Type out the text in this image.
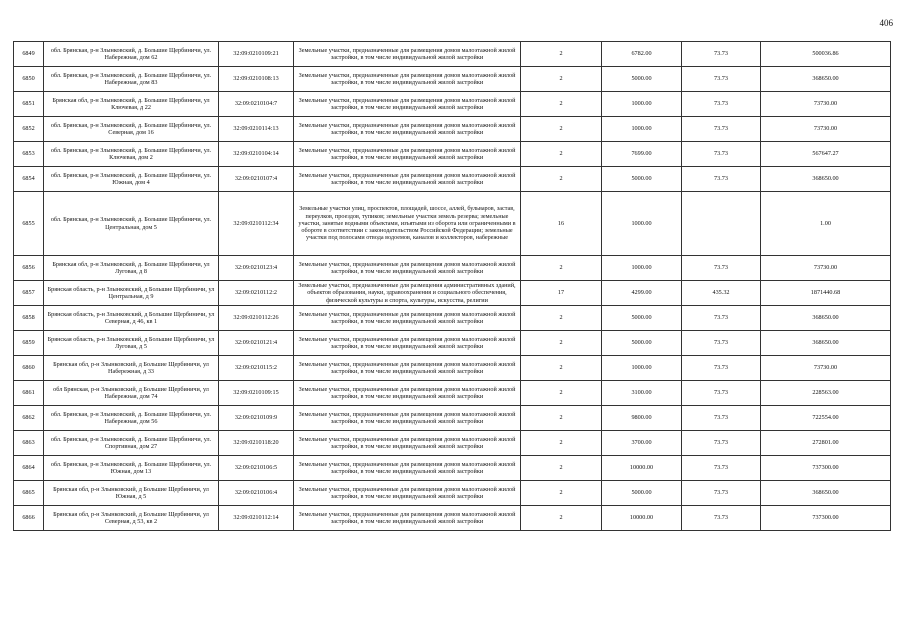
406
6849	обл. Брянская, р-н Злынковский, д. Большие Щербиничи, ул. Набережная, дом 62	32:09:0210109:21	Земельные участки, предназначенные для размещения домов малоэтажной жилой застройки, в том числе индивидуальной жилой застройки	2	6782.00	73.73	500036.86
6850	обл. Брянская, р-н Злынковский, д. Большие Щербиничи, ул. Набережная, дом 83	32:09:0210108:13	Земельные участки, предназначенные для размещения домов малоэтажной жилой застройки, в том числе индивидуальной жилой застройки	2	5000.00	73.73	368650.00
6851	Брянская обл, р-н Злынковский, д. Большие Щербиничи, ул Ключевая, д 22	32:09:0210104:7	Земельные участки, предназначенные для размещения домов малоэтажной жилой застройки, в том числе индивидуальной жилой застройки	2	1000.00	73.73	73730.00
6852	обл. Брянская, р-н Злынковский, д. Большие Щербиничи, ул. Северная, дом 16	32:09:0210114:13	Земельные участки, предназначенные для размещения домов малоэтажной жилой застройки, в том числе индивидуальной жилой застройки	2	1000.00	73.73	73730.00
6853	обл. Брянская, р-н Злынковский, д. Большие Щербиничи, ул. Ключевая, дом 2	32:09:0210104:14	Земельные участки, предназначенные для размещения домов малоэтажной жилой застройки, в том числе индивидуальной жилой застройки	2	7699.00	73.73	567647.27
6854	обл. Брянская, р-н Злынковский, д. Большие Щербиничи, ул. Южная, дом 4	32:09:0210107:4	Земельные участки, предназначенные для размещения домов малоэтажной жилой застройки, в том числе индивидуальной жилой застройки	2	5000.00	73.73	368650.00
6855	обл. Брянская, р-н Злынковский, д. Большие Щербиничи, ул. Центральная, дом 5	32:09:0210112:34	Земельные участки улиц, проспектов, площадей, шоссе, аллей, бульваров, застав, переулков, проездов, тупиков; земельные участки земель резерва; земельные участки, занятые водными объектами, изъятыми из оборота или ограниченными в обороте в соответствии с законодательством Российской Федерации; земельные участки под полосами отвода водоемов, каналов и коллекторов, набережные	16	1000.00		1.00
6856	Брянская обл, р-н Злынковский, д. Большие Щербиничи, ул Луговая, д 8	32:09:0210123:4	Земельные участки, предназначенные для размещения домов малоэтажной жилой застройки, в том числе индивидуальной жилой застройки	2	1000.00	73.73	73730.00
6857	Брянская область, р-н Злынковский, д Большие Щербиничи, ул Центральная, д 9	32:09:0210112:2	Земельные участки, предназначенные для размещения административных зданий, объектов образования, науки, здравоохранения и социального обеспечения, физической культуры и спорта, культуры, искусства, религии	17	4299.00	435.32	1871440.68
6858	Брянская область, р-н Злынковский, д Большие Щербиничи, ул Северная, д 46, кв 1	32:09:0210112:26	Земельные участки, предназначенные для размещения домов малоэтажной жилой застройки, в том числе индивидуальной жилой застройки	2	5000.00	73.73	368650.00
6859	Брянская область, р-н Злынковский, д Большие Щербиничи, ул Луговая, д 5	32:09:0210121:4	Земельные участки, предназначенные для размещения домов малоэтажной жилой застройки, в том числе индивидуальной жилой застройки	2	5000.00	73.73	368650.00
6860	Брянская обл, р-н Злынковский, д Большие Щербиничи, ул Набережная, д 33	32:09:0210115:2	Земельные участки, предназначенные для размещения домов малоэтажной жилой застройки, в том числе индивидуальной жилой застройки	2	1000.00	73.73	73730.00
6861	обл Брянская, р-н Злынковский, д Большие Щербиничи, ул Набережная, дом 74	32:09:0210109:15	Земельные участки, предназначенные для размещения домов малоэтажной жилой застройки, в том числе индивидуальной жилой застройки	2	3100.00	73.73	228563.00
6862	обл. Брянская, р-н Злынковский, д. Большие Щербиничи, ул. Набережная, дом 56	32:09:0210109:9	Земельные участки, предназначенные для размещения домов малоэтажной жилой застройки, в том числе индивидуальной жилой застройки	2	9800.00	73.73	722554.00
6863	обл. Брянская, р-н Злынковский, д. Большие Щербиничи, ул. Спортивная, дом 27	32:09:0210118:20	Земельные участки, предназначенные для размещения домов малоэтажной жилой застройки, в том числе индивидуальной жилой застройки	2	3700.00	73.73	272801.00
6864	обл. Брянская, р-н Злынковский, д. Большие Щербиничи, ул. Южная, дом 13	32:09:0210106:5	Земельные участки, предназначенные для размещения домов малоэтажной жилой застройки, в том числе индивидуальной жилой застройки	2	10000.00	73.73	737300.00
6865	Брянская обл, р-н Злынковский, д Большие Щербиничи, ул Южная, д 5	32:09:0210106:4	Земельные участки, предназначенные для размещения домов малоэтажной жилой застройки, в том числе индивидуальной жилой застройки	2	5000.00	73.73	368650.00
6866	Брянская обл, р-н Злынковский, д Большие Щербиничи, ул Северная, д 53, кв 2	32:09:0210112:14	Земельные участки, предназначенные для размещения домов малоэтажной жилой застройки, в том числе индивидуальной жилой застройки	2	10000.00	73.73	737300.00
